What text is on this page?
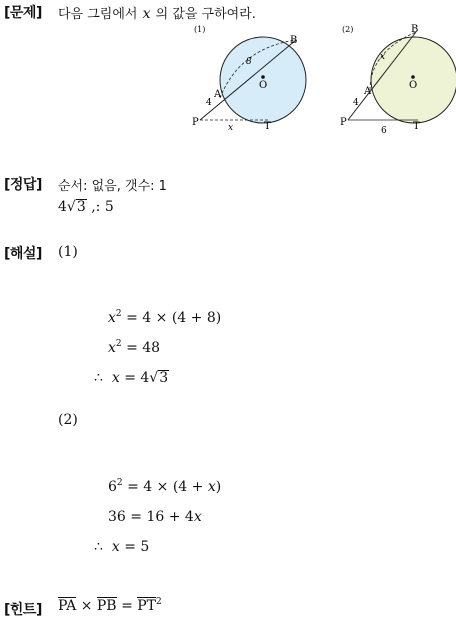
[문제] 다음 그림에서 x 의 값을 구하여라.
(1)
O
P	T
A
B
4
8
x
(2)
O
P	T
A
B
4
x
6
[정답] 순서: 없음, 갯수: 1
4√3 ,: 5
[해설] (1)
$x^2 = 4 \times (4 + 8)$
$x^2 = 48$
∴ x = 4√3
(2)
$6^2 = 4 \times (4 + x)$
36 = 16 + 4x
∴ x = 5
[힌트] PA × PB = $PT^2$
